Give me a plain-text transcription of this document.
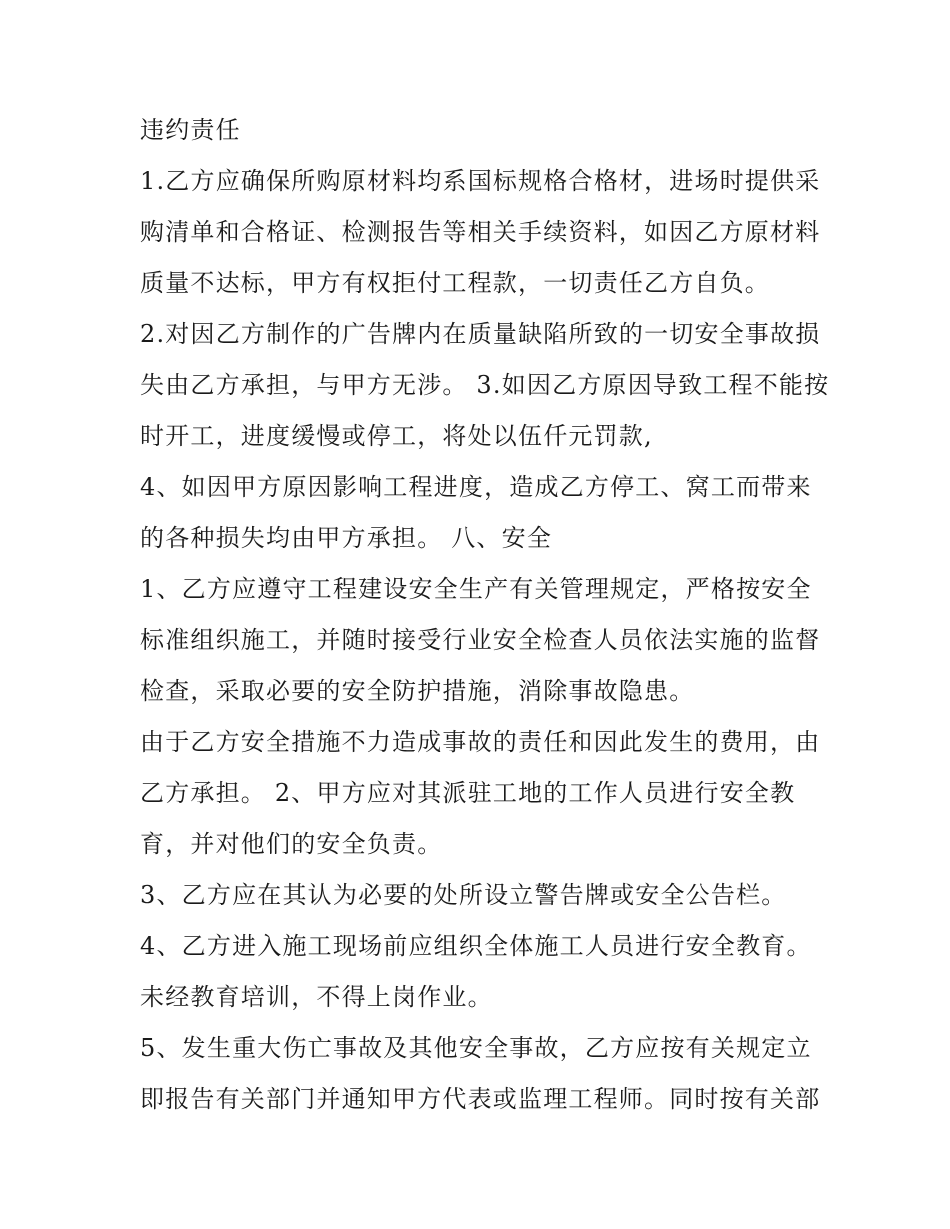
违约责任
1.乙方应确保所购原材料均系国标规格合格材，进场时提供采
购清单和合格证、检测报告等相关手续资料，如因乙方原材料
质量不达标，甲方有权拒付工程款，一切责任乙方自负。
2.对因乙方制作的广告牌内在质量缺陷所致的一切安全事故损
失由乙方承担，与甲方无涉。 3.如因乙方原因导致工程不能按
时开工，进度缓慢或停工，将处以伍仟元罚款,
4、如因甲方原因影响工程进度，造成乙方停工、窝工而带来
的各种损失均由甲方承担。 八、安全
1、乙方应遵守工程建设安全生产有关管理规定，严格按安全
标准组织施工，并随时接受行业安全检查人员依法实施的监督
检查，采取必要的安全防护措施，消除事故隐患。
由于乙方安全措施不力造成事故的责任和因此发生的费用，由
乙方承担。 2、甲方应对其派驻工地的工作人员进行安全教
育，并对他们的安全负责。
3、乙方应在其认为必要的处所设立警告牌或安全公告栏。
4、乙方进入施工现场前应组织全体施工人员进行安全教育。
未经教育培训，不得上岗作业。
5、发生重大伤亡事故及其他安全事故，乙方应按有关规定立
即报告有关部门并通知甲方代表或监理工程师。同时按有关部
